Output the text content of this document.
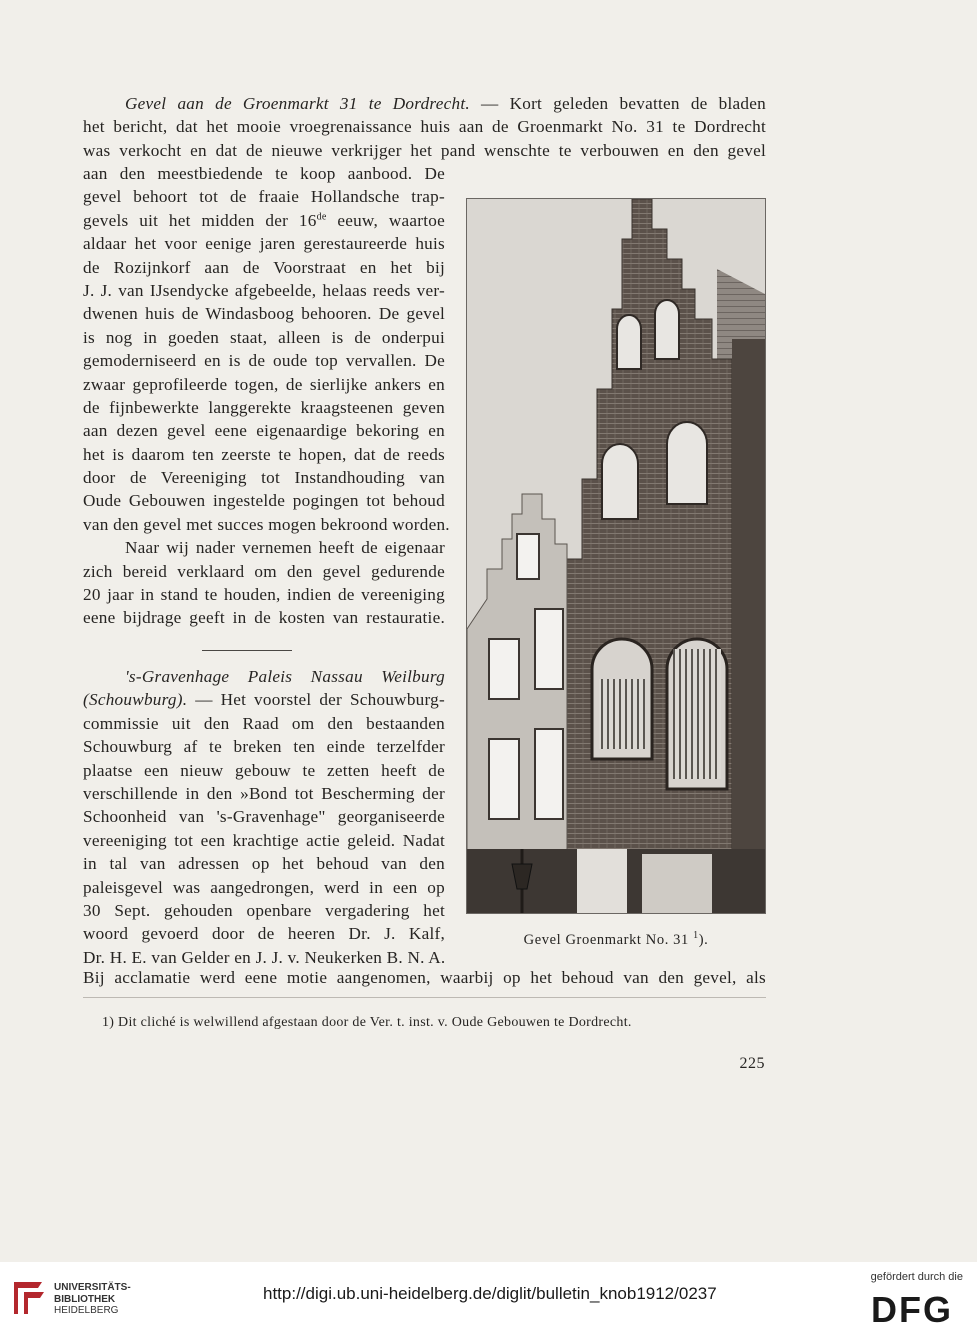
Gevel aan de Groenmarkt 31 te Dordrecht. — Kort geleden bevatten de bladen
het bericht, dat het mooie vroegrenaissance huis aan de Groenmarkt No. 31 te Dordrecht
was verkocht en dat de nieuwe verkrijger het pand wenschte te verbouwen en den gevel
aan den meestbiedende te koop aanbood. De
gevel behoort tot de fraaie Hollandsche trap-
gevels uit het midden der 16de eeuw, waartoe
aldaar het voor eenige jaren gerestaureerde huis
de Rozijnkorf aan de Voorstraat en het bij
J. J. van IJsendycke afgebeelde, helaas reeds ver-
dwenen huis de Windasboog behooren. De gevel
is nog in goeden staat, alleen is de onderpui
gemoderniseerd en is de oude top vervallen. De
zwaar geprofileerde togen, de sierlijke ankers en
de fijnbewerkte langgerekte kraagsteenen geven
aan dezen gevel eene eigenaardige bekoring en
het is daarom ten zeerste te hopen, dat de reeds
door de Vereeniging tot Instandhouding van
Oude Gebouwen ingestelde pogingen tot behoud
van den gevel met succes mogen bekroond worden.
Naar wij nader vernemen heeft de eigenaar
zich bereid verklaard om den gevel gedurende
20 jaar in stand te houden, indien de vereeniging
eene bijdrage geeft in de kosten van restauratie.
's-Gravenhage Paleis Nassau Weilburg
(Schouwburg). — Het voorstel der Schouwburg-
commissie uit den Raad om den bestaanden
Schouwburg af te breken ten einde terzelfder
plaatse een nieuw gebouw te zetten heeft de
verschillende in den »Bond tot Bescherming der
Schoonheid van 's-Gravenhage" georganiseerde
vereeniging tot een krachtige actie geleid. Nadat
in tal van adressen op het behoud van den
paleisgevel was aangedrongen, werd in een op
30 Sept. gehouden openbare vergadering het
woord gevoerd door de heeren Dr. J. Kalf,
Dr. H. E. van Gelder en J. J. v. Neukerken B. N. A.
Bij acclamatie werd eene motie aangenomen, waarbij op het behoud van den gevel, als
Gevel Groenmarkt No. 31 $^1$).
1) Dit cliché is welwillend afgestaan door de Ver. t. inst. v. Oude Gebouwen te Dordrecht.
225
UNIVERSITÄTS-
BIBLIOTHEK
HEIDELBERG
http://digi.ub.uni-heidelberg.de/diglit/bulletin_knob1912/0237
gefördert durch die
DFG
